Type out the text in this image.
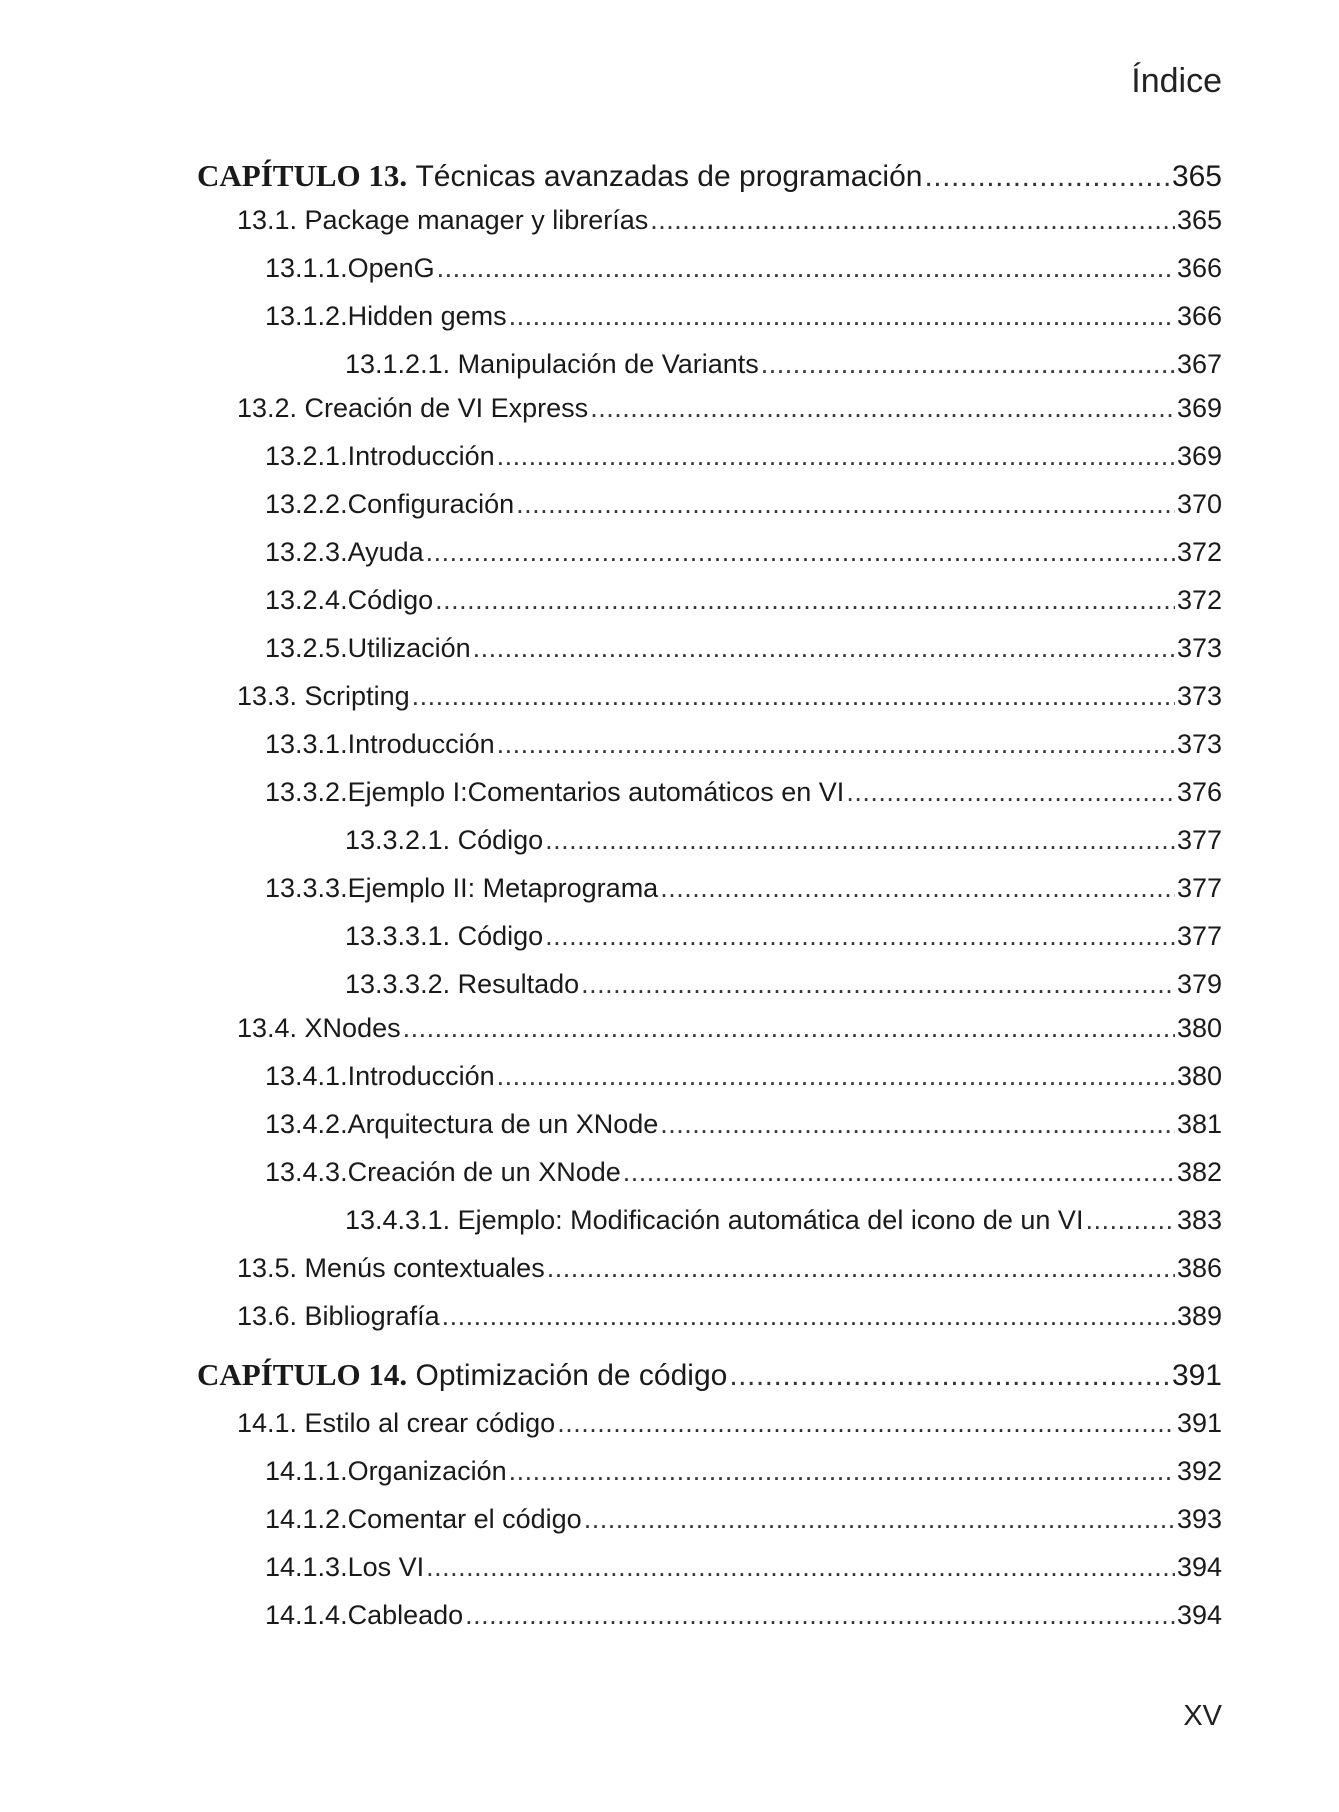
Índice
CAPÍTULO 13. Técnicas avanzadas de programación .....	365
13.1. Package manager y librerías .....	365
13.1.1.OpenG .....	366
13.1.2.Hidden gems .....	366
13.1.2.1. Manipulación de Variants .....	367
13.2. Creación de VI Express .....	369
13.2.1.Introducción .....	369
13.2.2.Configuración .....	370
13.2.3.Ayuda .....	372
13.2.4.Código .....	372
13.2.5.Utilización .....	373
13.3. Scripting .....	373
13.3.1.Introducción .....	373
13.3.2.Ejemplo I:Comentarios automáticos en VI .....	376
13.3.2.1. Código .....	377
13.3.3.Ejemplo II: Metaprograma .....	377
13.3.3.1. Código .....	377
13.3.3.2. Resultado .....	379
13.4. XNodes .....	380
13.4.1.Introducción .....	380
13.4.2.Arquitectura de un XNode .....	381
13.4.3.Creación de un XNode .....	382
13.4.3.1. Ejemplo: Modificación automática del icono de un VI .....	383
13.5. Menús contextuales .....	386
13.6. Bibliografía .....	389
CAPÍTULO 14. Optimización de código .....	391
14.1. Estilo al crear código .....	391
14.1.1.Organización .....	392
14.1.2.Comentar el código .....	393
14.1.3.Los VI .....	394
14.1.4.Cableado .....	394
XV
